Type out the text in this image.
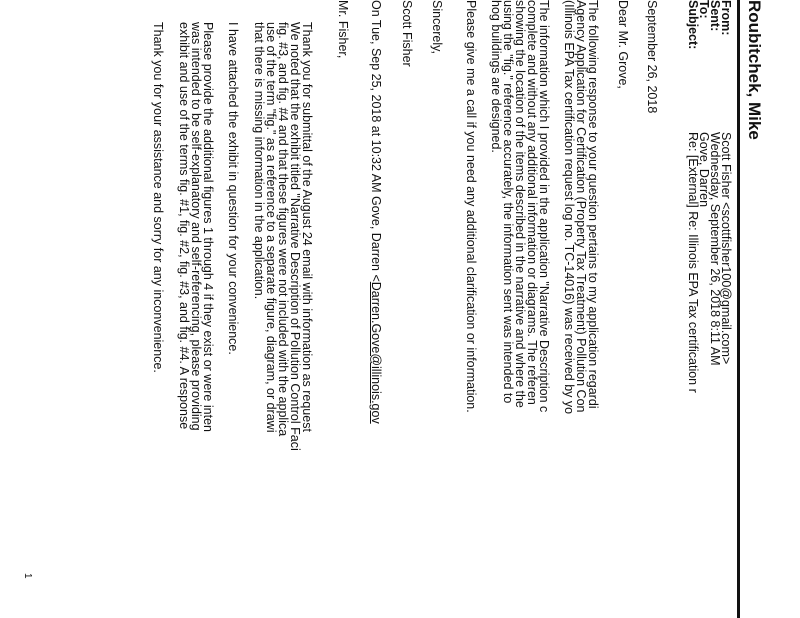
Roubitchek, Mike
From:
Scott Fisher <scottfisher100@gmail.com>
Sent:
Wednesday, September 26, 2018 8:11 AM
To:
Gove, Darren
Subject:
Re: [External] Re: Illinois EPA Tax certification r
September 26, 2018
Dear Mr. Grove,
The following response to your question pertains to my application regardi
Agency Application for Certification (Property Tax Treatment) Pollution Con
(Illinois EPA Tax certification request log no. TC-14016) was received by yo
The information which I provided in the application "Narrative Description c
complete and without any additional information or diagrams. The referen
showing the location of the items described in the narrative and where the
using the "fig." reference accurately, the information sent was intended to
hog buildings are designed.
Please give me a call if you need any additional clarification or information.
Sincerely,
Scott Fisher
On Tue, Sep 25, 2018 at 10:32 AM Gove, Darren <Darren.Gove@illinois.gov
Mr. Fisher,
Thank you for submittal of the August 24 email with information as request
We noted that the exhibit titled "Narrative Description of Pollution Control Faci
fig. #3, and fig. #4 and that these figures were not included with the applica
use of the term "fig." as a reference to a separate figure, diagram, or drawi
that there is missing information in the application.
I have attached the exhibit in question for your convenience.
Please provide the additional figures 1 through 4 if they exist or were inten
was intended to be self-explanatory and self-referencing, please providing
exhibit and use of the terms fig. #1, fig. #2, fig. #3, and fig. #4. A response
Thank you for your assistance and sorry for any inconvenience.
1
